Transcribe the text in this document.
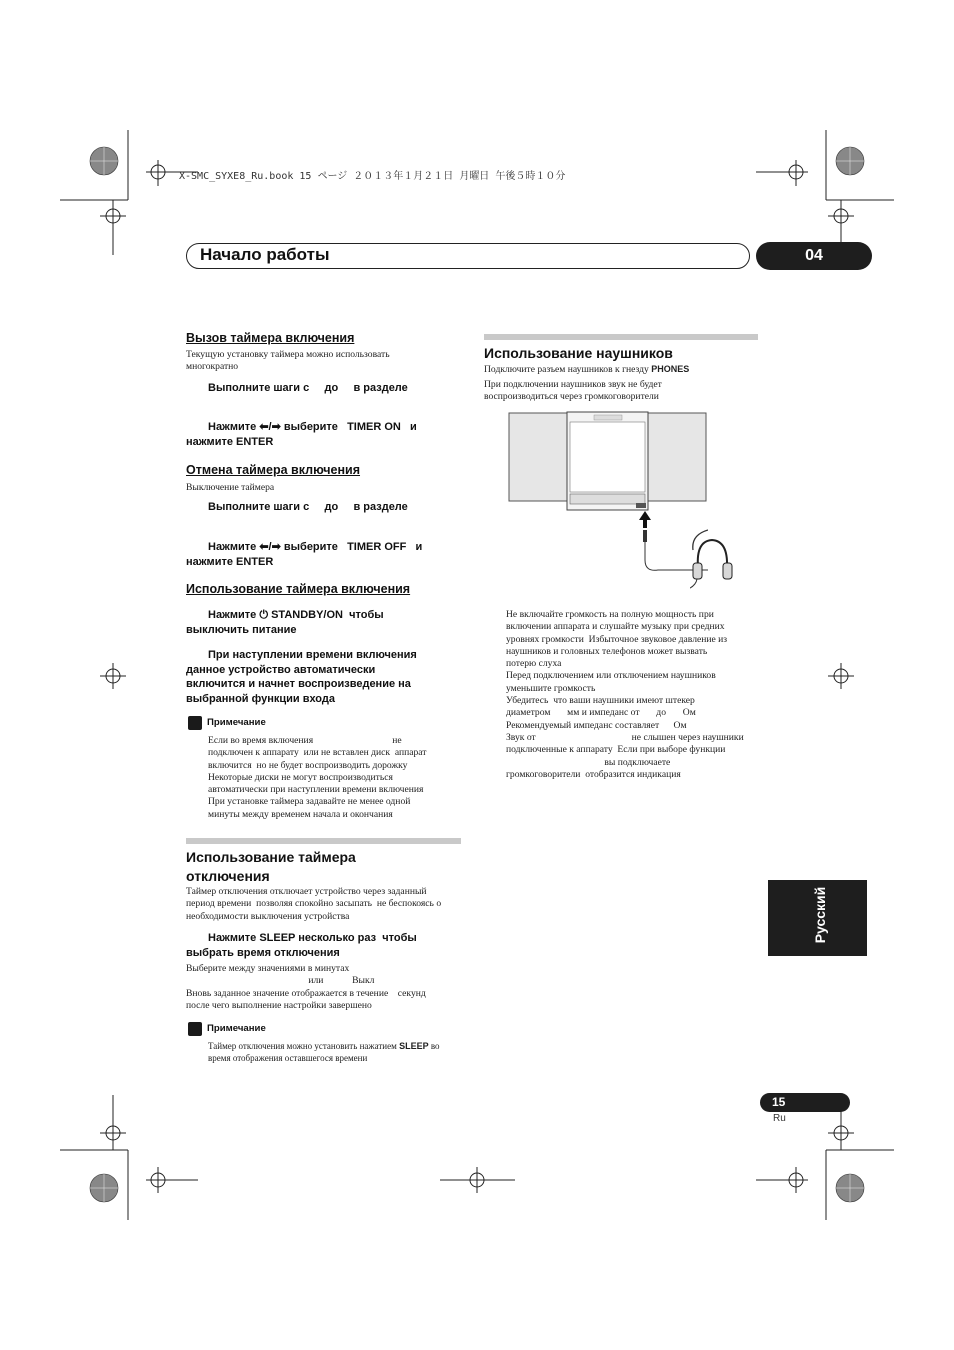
X-SMC_SYXE8_Ru.book 15 ページ ２０１３年１月２１日 月曜日 午後５時１０分
Начало работы	04
Вызов таймера включения
Текущую установку таймера можно использовать
многократно
Выполните шаги с     до     в разделе
Нажмите ⬅/➡ выберите   TIMER ON   и
нажмите ENTER
Отмена таймера включения
Выключение таймера
Выполните шаги с     до     в разделе
Нажмите ⬅/➡ выберите   TIMER OFF   и
нажмите ENTER
Использование таймера включения
Нажмите ⏻ STANDBY/ON  чтобы
выключить питание
При наступлении времени включения
данное устройство автоматически
включится и начнет воспроизведение на
выбранной функции входа
Примечание
Если во время включения                                 не
подключен к аппарату  или не вставлен диск  аппарат
включится  но не будет воспроизводить дорожку
Некоторые диски не могут воспроизводиться
автоматически при наступлении времени включения
При установке таймера задавайте не менее одной
минуты между временем начала и окончания
Использование таймера
отключения
Таймер отключения отключает устройство через заданный
период времени  позволяя спокойно засыпать  не беспокоясь о
необходимости выключения устройства
Нажмите SLEEP несколько раз  чтобы
выбрать время отключения
Выберите между значениями в минутах
или            Выкл
Вновь заданное значение отображается в течение    секунд
после чего выполнение настройки завершено
Примечание
Таймер отключения можно установить нажатием SLEEP во
время отображения оставшегося времени
Использование наушников
Подключите разъем наушников к гнезду PHONES
При подключении наушников звук не будет
воспроизводиться через громкоговорители
Не включайте громкость на полную мощность при
включении аппарата и слушайте музыку при средних
уровнях громкости  Избыточное звуковое давление из
наушников и головных телефонов может вызвать
потерю слуха
Перед подключением или отключением наушников
уменьшите громкость
Убедитесь  что ваши наушники имеют штекер
диаметром       мм и импеданс от       до       Ом
Рекомендуемый импеданс составляет      Ом
Звук от                                        не слышен через наушники
подключенные к аппарату  Если при выборе функции
вы подключаете
громкоговорители  отобразится индикация
Русский
15
Ru
